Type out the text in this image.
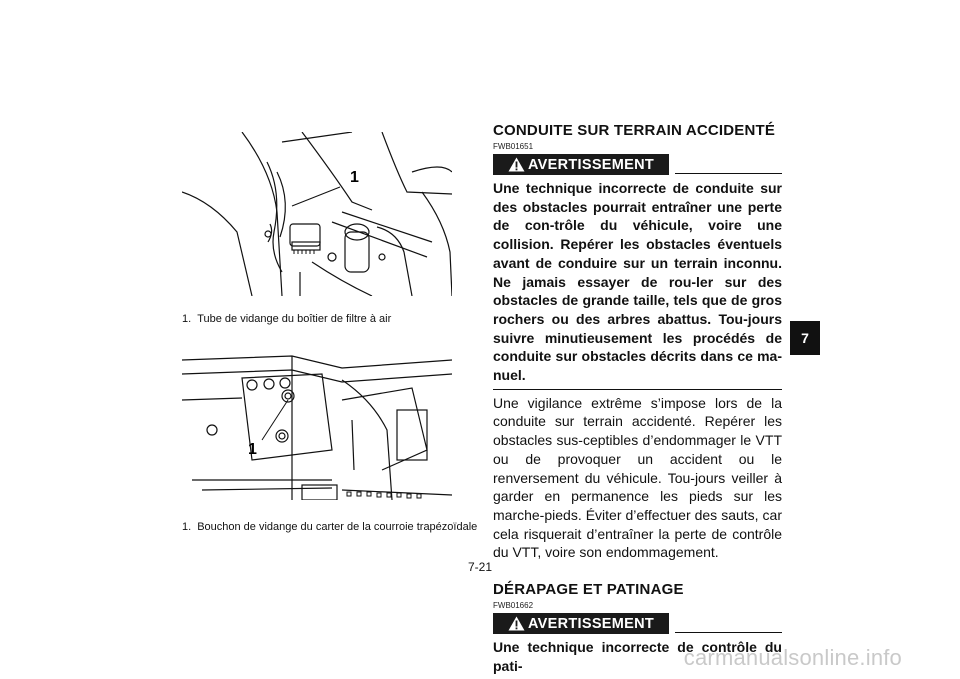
1
1. Tube de vidange du boîtier de filtre à air
1
1. Bouchon de vidange du carter de la courroie trapézoïdale
CONDUITE SUR TERRAIN ACCIDENTÉ
FWB01651
AVERTISSEMENT
Une technique incorrecte de conduite sur des obstacles pourrait entraîner une perte de con-trôle du véhicule, voire une collision. Repérer les obstacles éventuels avant de conduire sur un terrain inconnu. Ne jamais essayer de rou-ler sur des obstacles de grande taille, tels que de gros rochers ou des arbres abattus. Tou-jours suivre minutieusement les procédés de conduite sur obstacles décrits dans ce ma-nuel.
Une vigilance extrême s’impose lors de la conduite sur terrain accidenté. Repérer les obstacles sus-ceptibles d’endommager le VTT ou de provoquer un accident ou le renversement du véhicule. Tou-jours veiller à garder en permanence les pieds sur les marche-pieds. Éviter d’effectuer des sauts, car cela risquerait d’entraîner la perte de contrôle du VTT, voire son endommagement.
DÉRAPAGE ET PATINAGE
FWB01662
AVERTISSEMENT
Une technique incorrecte de contrôle du pati-
7
7-21
carmanualsonline.info
